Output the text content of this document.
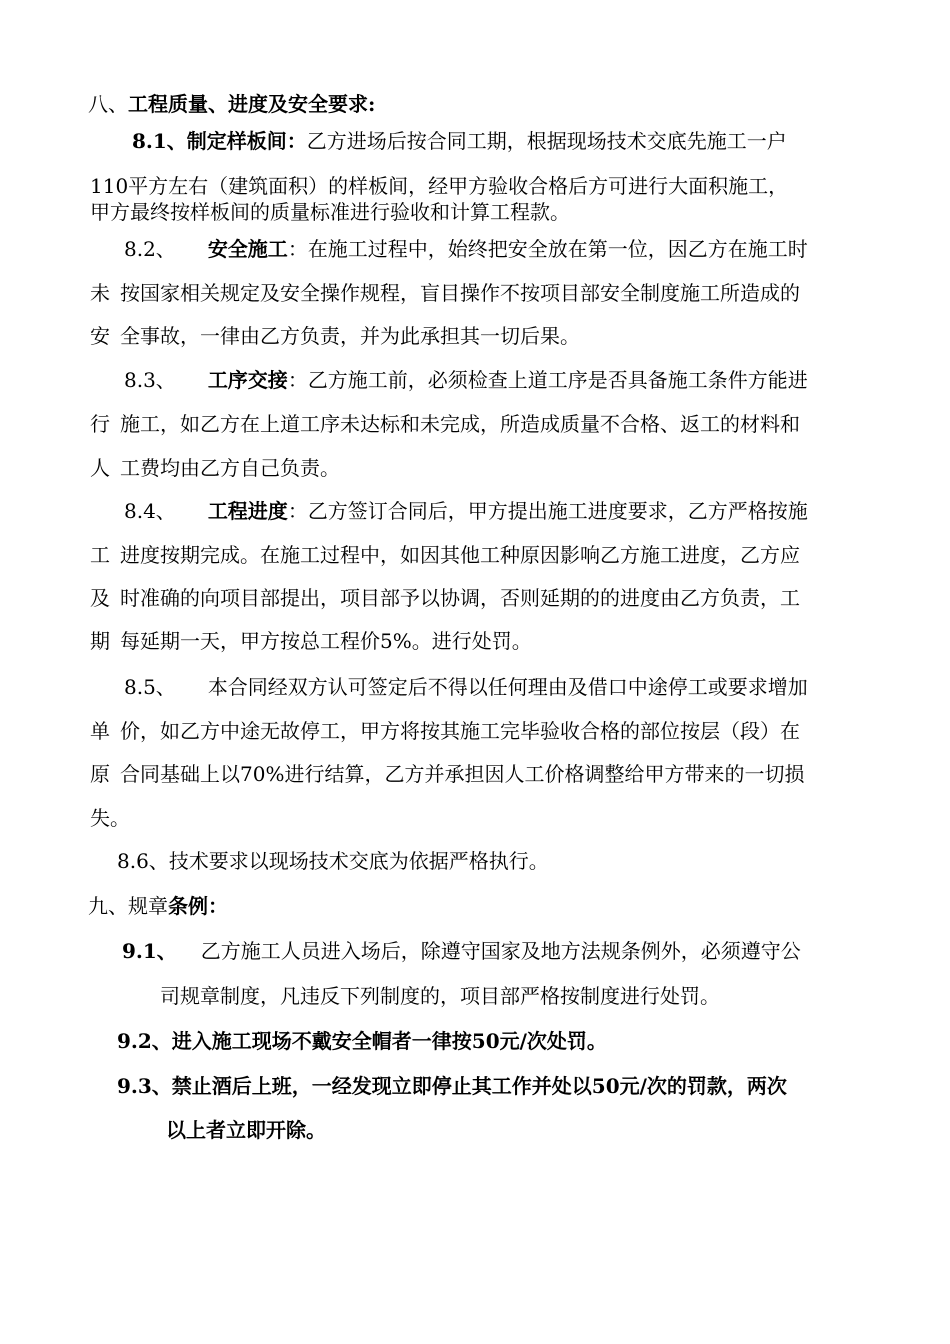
八、工程质量、进度及安全要求:
8.1、制定样板间：乙方进场后按合同工期，根据现场技术交底先施工一户
110平方左右（建筑面积）的样板间，经甲方验收合格后方可进行大面积施工，
甲方最终按样板间的质量标准进行验收和计算工程款。
8.2、 安全施工：在施工过程中，始终把安全放在第一位，因乙方在施工时
未 按国家相关规定及安全操作规程，盲目操作不按项目部安全制度施工所造成的
安 全事故，一律由乙方负责，并为此承担其一切后果。
8.3、 工序交接：乙方施工前，必须检查上道工序是否具备施工条件方能进
行 施工，如乙方在上道工序未达标和未完成，所造成质量不合格、返工的材料和
人 工费均由乙方自己负责。
8.4、 工程进度：乙方签订合同后，甲方提出施工进度要求，乙方严格按施
工 进度按期完成。在施工过程中，如因其他工种原因影响乙方施工进度，乙方应
及 时准确的向项目部提出，项目部予以协调，否则延期的的进度由乙方负责，工
期 每延期一天，甲方按总工程价5%。进行处罚。
8.5、 本合同经双方认可签定后不得以任何理由及借口中途停工或要求增加
单 价，如乙方中途无故停工，甲方将按其施工完毕验收合格的部位按层（段）在
原 合同基础上以70%进行结算，乙方并承担因人工价格调整给甲方带来的一切损
失。
8.6、技术要求以现场技术交底为依据严格执行。
九、规章条例：
9.1、 乙方施工人员进入场后，除遵守国家及地方法规条例外，必须遵守公
司规章制度，凡违反下列制度的，项目部严格按制度进行处罚。
9.2、进入施工现场不戴安全帽者一律按50元/次处罚。
9.3、禁止酒后上班，一经发现立即停止其工作并处以50元/次的罚款，两次
以上者立即开除。
